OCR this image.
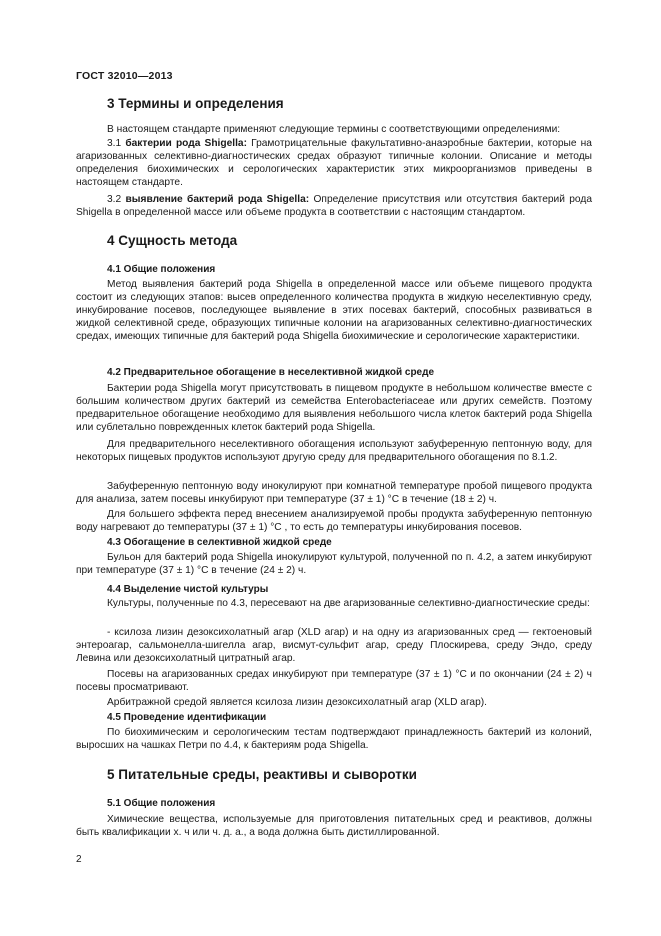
ГОСТ 32010—2013
3 Термины и определения
В настоящем стандарте применяют следующие термины с соответствующими определениями:
3.1 бактерии рода Shigella: Грамотрицательные факультативно-анаэробные бактерии, которые на агаризованных селективно-диагностических средах образуют типичные колонии. Описание и методы определения биохимических и серологических характеристик этих микроорганизмов приведены в настоящем стандарте.
3.2 выявление бактерий рода Shigella: Определение присутствия или отсутствия бактерий рода Shigella в определенной массе или объеме продукта в соответствии с настоящим стандартом.
4 Сущность метода
4.1 Общие положения
Метод выявления бактерий рода Shigella в определенной массе или объеме пищевого продукта состоит из следующих этапов: высев определенного количества продукта в жидкую неселективную среду, инкубирование посевов, последующее выявление в этих посевах бактерий, способных развиваться в жидкой селективной среде, образующих типичные колонии на агаризованных селективно-диагностических средах, имеющих типичные для бактерий рода Shigella биохимические и серологические характеристики.
4.2 Предварительное обогащение в неселективной жидкой среде
Бактерии рода Shigella могут присутствовать в пищевом продукте в небольшом количестве вместе с большим количеством других бактерий из семейства Enterobacteriaceae или других семейств. Поэтому предварительное обогащение необходимо для выявления небольшого числа клеток бактерий рода Shigella или сублетально поврежденных клеток бактерий рода Shigella.
Для предварительного неселективного обогащения используют забуференную пептонную воду, для некоторых пищевых продуктов используют другую среду для предварительного обогащения по 8.1.2.
Забуференную пептонную воду инокулируют при комнатной температуре пробой пищевого продукта для анализа, затем посевы инкубируют при температуре (37 ± 1) °С в течение (18 ± 2) ч.
Для большего эффекта перед внесением анализируемой пробы продукта забуференную пептонную воду нагревают до температуры (37 ± 1) °С , то есть до температуры инкубирования посевов.
4.3 Обогащение в селективной жидкой среде
Бульон для бактерий рода Shigella инокулируют культурой, полученной по п. 4.2, а затем инкубируют при температуре (37 ± 1) °С в течение (24 ± 2) ч.
4.4 Выделение чистой культуры
Культуры, полученные по 4.3, пересевают на две агаризованные селективно-диагностические среды:
- ксилоза лизин дезоксихолатный агар (XLD агар) и на одну из агаризованных сред — гектоеновый энтероагар, сальмонелла-шигелла агар, висмут-сульфит агар, среду Плоскирева, среду Эндо, среду Левина или дезоксихолатный цитратный агар.
Посевы на агаризованных средах инкубируют при температуре (37 ± 1) °С и по окончании (24 ± 2) ч посевы просматривают.
Арбитражной средой является ксилоза лизин дезоксихолатный агар (XLD агар).
4.5 Проведение идентификации
По биохимическим и серологическим тестам подтверждают принадлежность бактерий из колоний, выросших на чашках Петри по 4.4, к бактериям рода Shigella.
5 Питательные среды, реактивы и сыворотки
5.1 Общие положения
Химические вещества, используемые для приготовления питательных сред и реактивов, должны быть квалификации х. ч или ч. д. а., а вода должна быть дистиллированной.
2
